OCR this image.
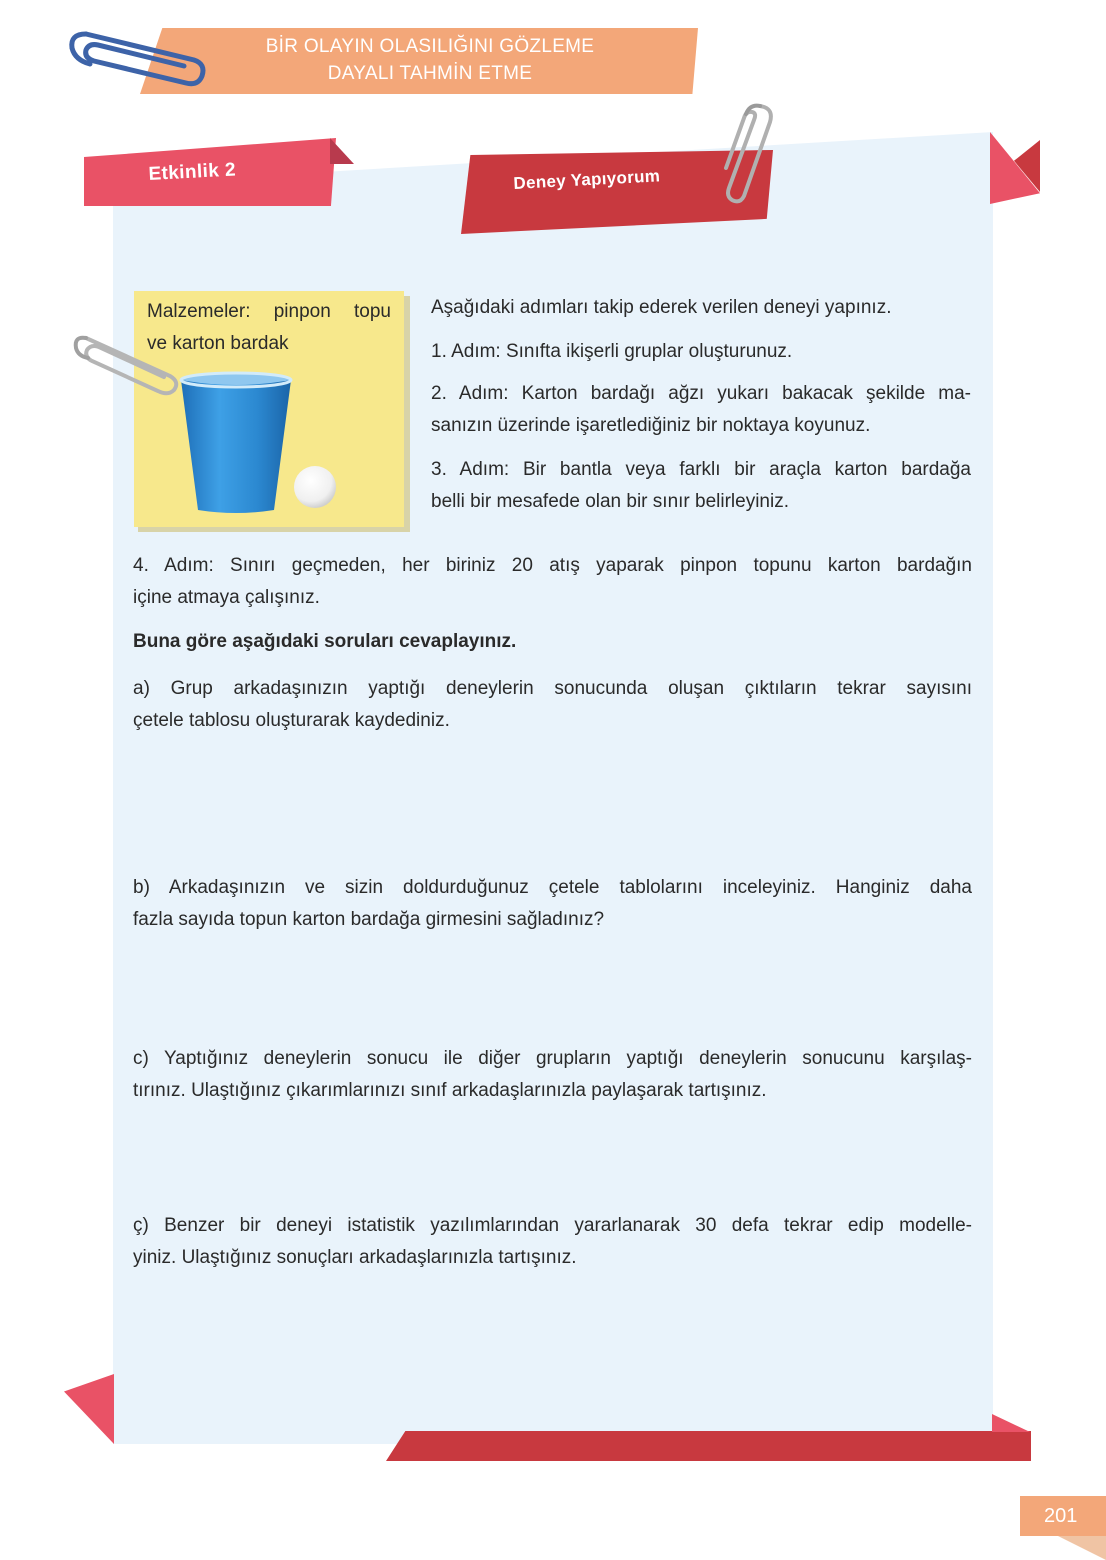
BİR OLAYIN OLASILIĞINI GÖZLEME
DAYALI TAHMİN ETME
Etkinlik 2	Deney Yapıyorum
Malzemeler: pinpon topu
ve karton bardak
Aşağıdaki adımları takip ederek verilen deneyi yapınız.
1. Adım: Sınıfta ikişerli gruplar oluşturunuz.
2. Adım: Karton bardağı ağzı yukarı bakacak şekilde ma-
sanızın üzerinde işaretlediğiniz bir noktaya koyunuz.
3. Adım: Bir bantla veya farklı bir araçla karton bardağa
belli bir mesafede olan bir sınır belirleyiniz.
4. Adım: Sınırı geçmeden, her biriniz 20 atış yaparak pinpon topunu karton bardağın
içine atmaya çalışınız.
Buna göre aşağıdaki soruları cevaplayınız.
a) Grup arkadaşınızın yaptığı deneylerin sonucunda oluşan çıktıların tekrar sayısını
çetele tablosu oluşturarak kaydediniz.
b) Arkadaşınızın ve sizin doldurduğunuz çetele tablolarını inceleyiniz. Hanginiz daha
fazla sayıda topun karton bardağa girmesini sağladınız?
c) Yaptığınız deneylerin sonucu ile diğer grupların yaptığı deneylerin sonucunu karşılaş-
tırınız. Ulaştığınız çıkarımlarınızı sınıf arkadaşlarınızla paylaşarak tartışınız.
ç) Benzer bir deneyi istatistik yazılımlarından yararlanarak 30 defa tekrar edip modelle-
yiniz. Ulaştığınız sonuçları arkadaşlarınızla tartışınız.
201
